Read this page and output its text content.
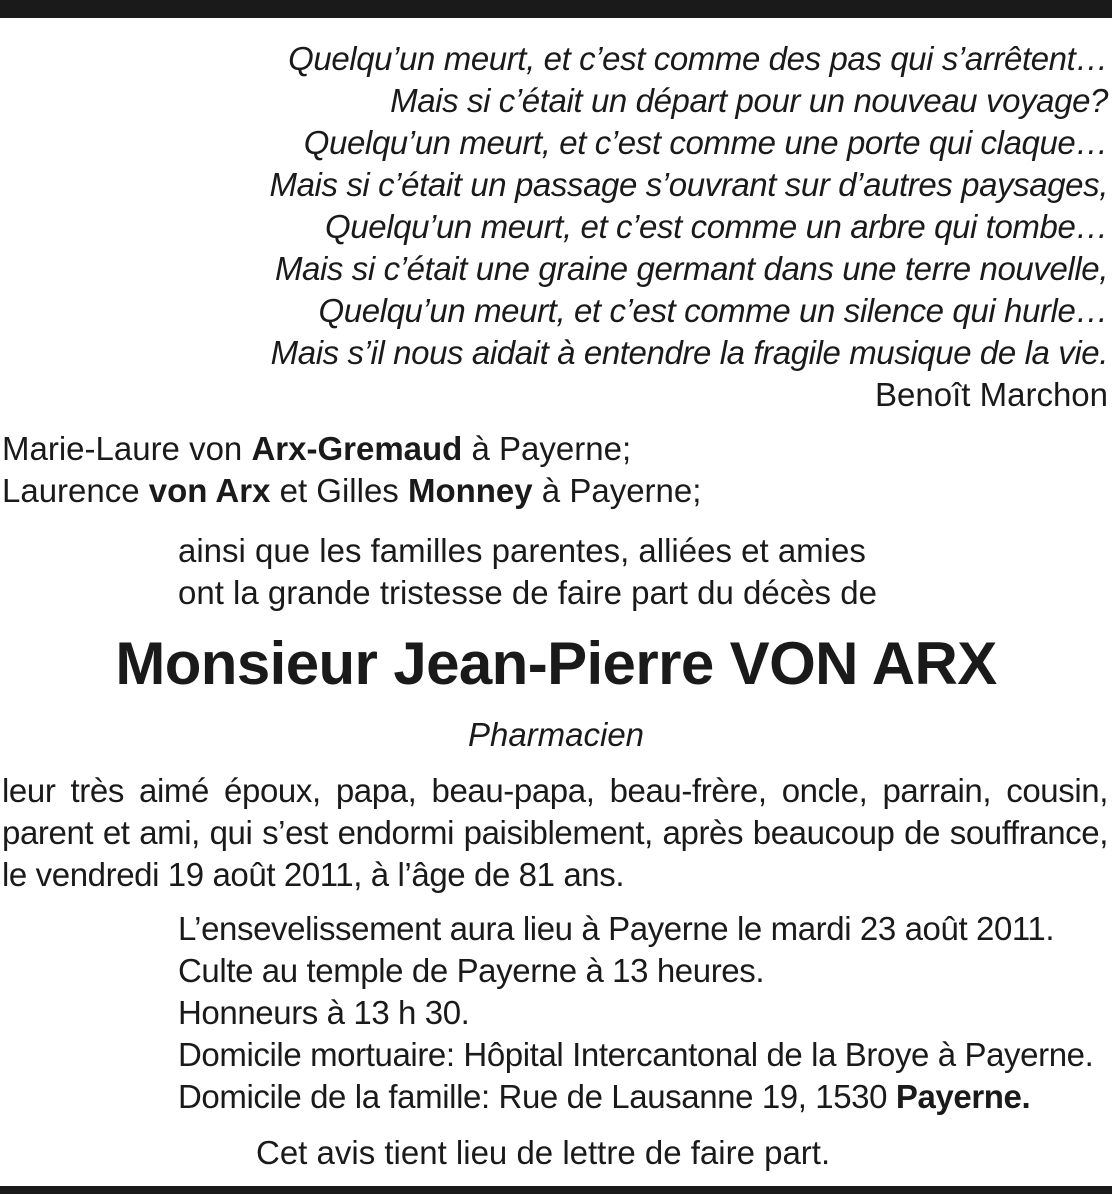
Quelqu’un meurt, et c’est comme des pas qui s’arrêtent…
Mais si c’était un départ pour un nouveau voyage?
Quelqu’un meurt, et c’est comme une porte qui claque…
Mais si c’était un passage s’ouvrant sur d’autres paysages,
Quelqu’un meurt, et c’est comme un arbre qui tombe…
Mais si c’était une graine germant dans une terre nouvelle,
Quelqu’un meurt, et c’est comme un silence qui hurle…
Mais s’il nous aidait à entendre la fragile musique de la vie.
Benoît Marchon
Marie-Laure von Arx-Gremaud à Payerne;
Laurence von Arx et Gilles Monney à Payerne;
ainsi que les familles parentes, alliées et amies
ont la grande tristesse de faire part du décès de
Monsieur Jean-Pierre VON ARX
Pharmacien
leur très aimé époux, papa, beau-papa, beau-frère, oncle, parrain, cousin, parent et ami, qui s’est endormi paisiblement, après beaucoup de souffrance, le vendredi 19 août 2011, à l’âge de 81 ans.
L’ensevelissement aura lieu à Payerne le mardi 23 août 2011.
Culte au temple de Payerne à 13 heures.
Honneurs à 13 h 30.
Domicile mortuaire: Hôpital Intercantonal de la Broye à Payerne.
Domicile de la famille: Rue de Lausanne 19, 1530 Payerne.
Cet avis tient lieu de lettre de faire part.
